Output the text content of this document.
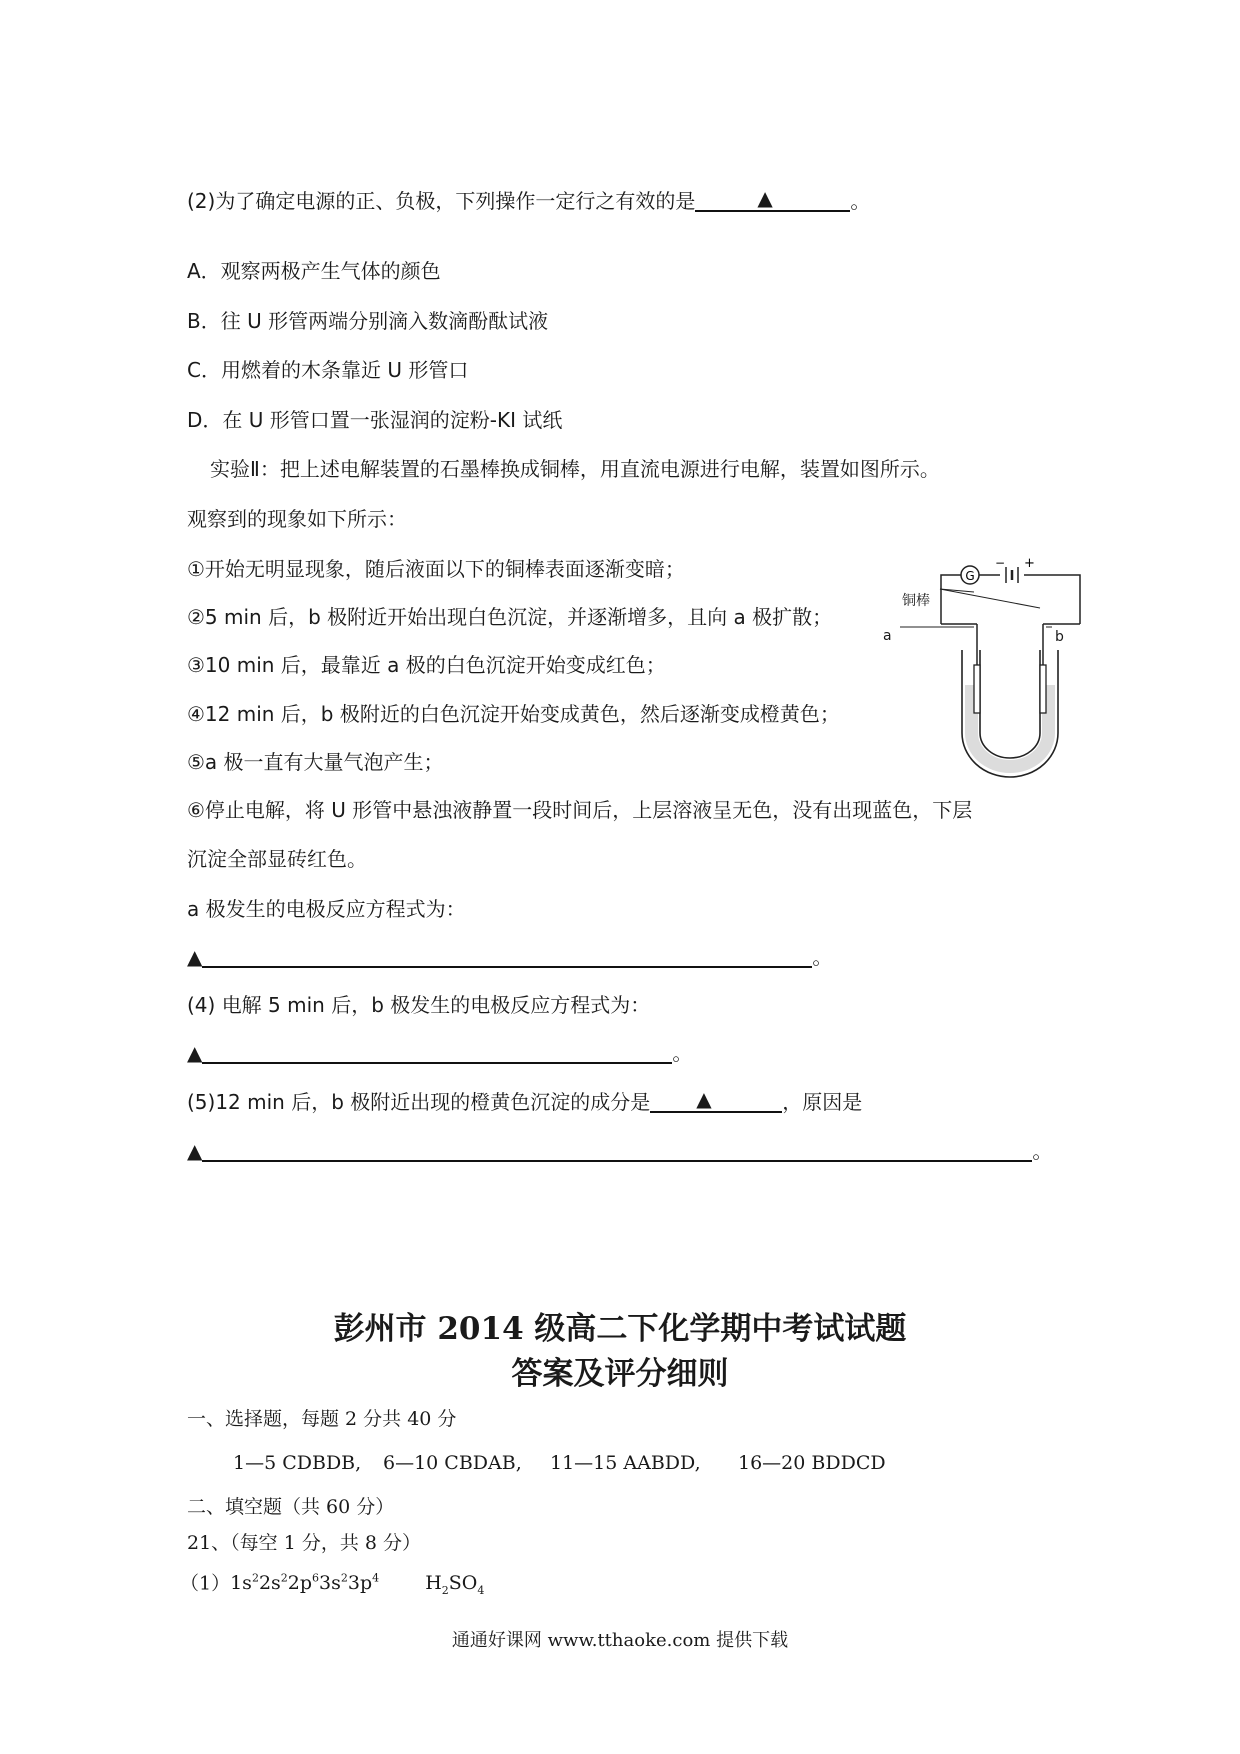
(2)为了确定电源的正、负极，下列操作一定行之有效的是	▲	。
A．观察两极产生气体的颜色
B．往 U 形管两端分别滴入数滴酚酞试液
C．用燃着的木条靠近 U 形管口
D．在 U 形管口置一张湿润的淀粉-KI 试纸
实验Ⅱ：把上述电解装置的石墨棒换成铜棒，用直流电源进行电解，装置如图所示。
观察到的现象如下所示：
①开始无明显现象，随后液面以下的铜棒表面逐渐变暗；
②5 min 后，b 极附近开始出现白色沉淀，并逐渐增多，且向 a 极扩散；
③10 min 后，最靠近 a 极的白色沉淀开始变成红色；
④12 min 后，b 极附近的白色沉淀开始变成黄色，然后逐渐变成橙黄色；
⑤a 极一直有大量气泡产生；
⑥停止电解，将 U 形管中悬浊液静置一段时间后，上层溶液呈无色，没有出现蓝色，下层
沉淀全部显砖红色。
a 极发生的电极反应方程式为：
▲	。
(4) 电解 5 min 后，b 极发生的电极反应方程式为：
▲	。
(5)12 min 后，b 极附近出现的橙黄色沉淀的成分是 ▲	，原因是
▲	。
G
− +
铜棒
a	b
彭州市 2014 级高二下化学期中考试试题
答案及评分细则
一、选择题，每题 2 分共 40 分
1—5 CDBDB, 6—10 CBDAB, 11—15 AABDD, 16—20 BDDCD
二、填空题（共 60 分）
21、（每空 1 分，共 8 分）
$(1)1s^22s^22p^63s^23p^4$ $H_2SO_4$
通通好课网 www.tthaoke.com 提供下载
